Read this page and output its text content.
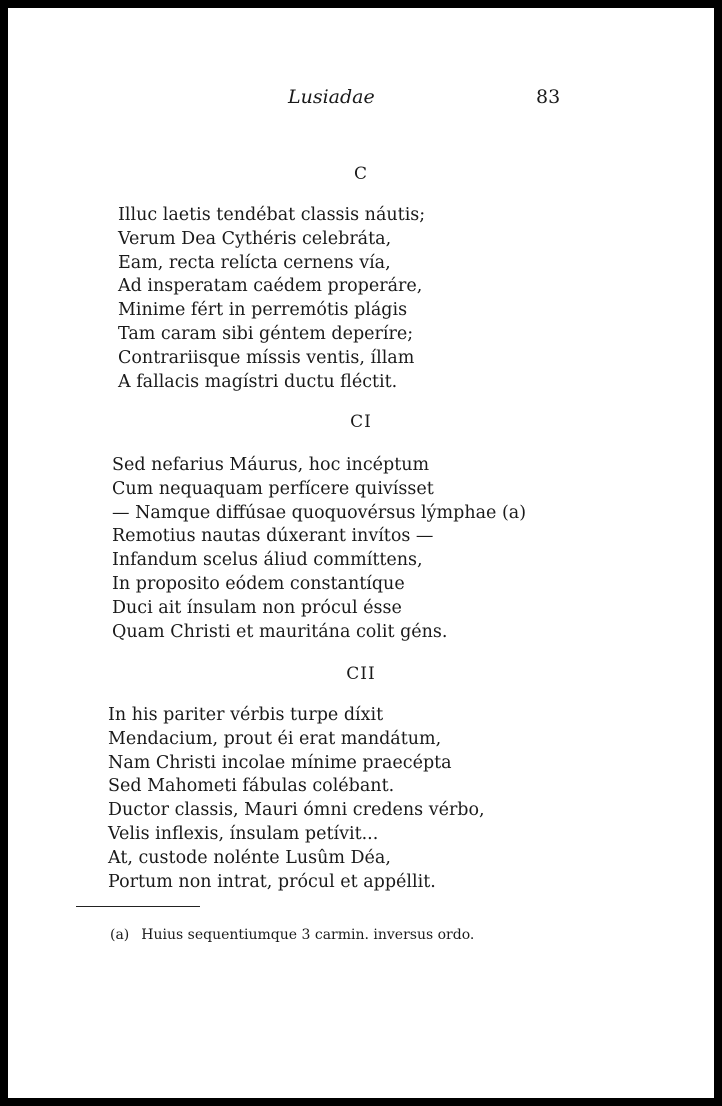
Lusiadae	83
C
Illuc laetis tendébat classis náutis;
Verum Dea Cythéris celebráta,
Eam, recta relícta cernens vía,
Ad insperatam caédem properáre,
Minime fért in perremótis plágis
Tam caram sibi géntem deperíre;
Contrariisque míssis ventis, íllam
A fallacis magístri ductu fléctit.
CI
Sed nefarius Máurus, hoc incéptum
Cum nequaquam perfícere quivísset
— Namque diffúsae quoquovérsus lýmphae (a)
Remotius nautas dúxerant invítos —
Infandum scelus áliud commíttens,
In proposito eódem constantíque
Duci ait ínsulam non prócul ésse
Quam Christi et mauritána colit géns.
CII
In his pariter vérbis turpe díxit
Mendacium, prout éi erat mandátum,
Nam Christi incolae mínime praecépta
Sed Mahometi fábulas colébant.
Ductor classis, Mauri ómni credens vérbo,
Velis inflexis, ínsulam petívit...
At, custode nolénte Lusûm Déa,
Portum non intrat, prócul et appéllit.
(a) Huius sequentiumque 3 carmin. inversus ordo.
